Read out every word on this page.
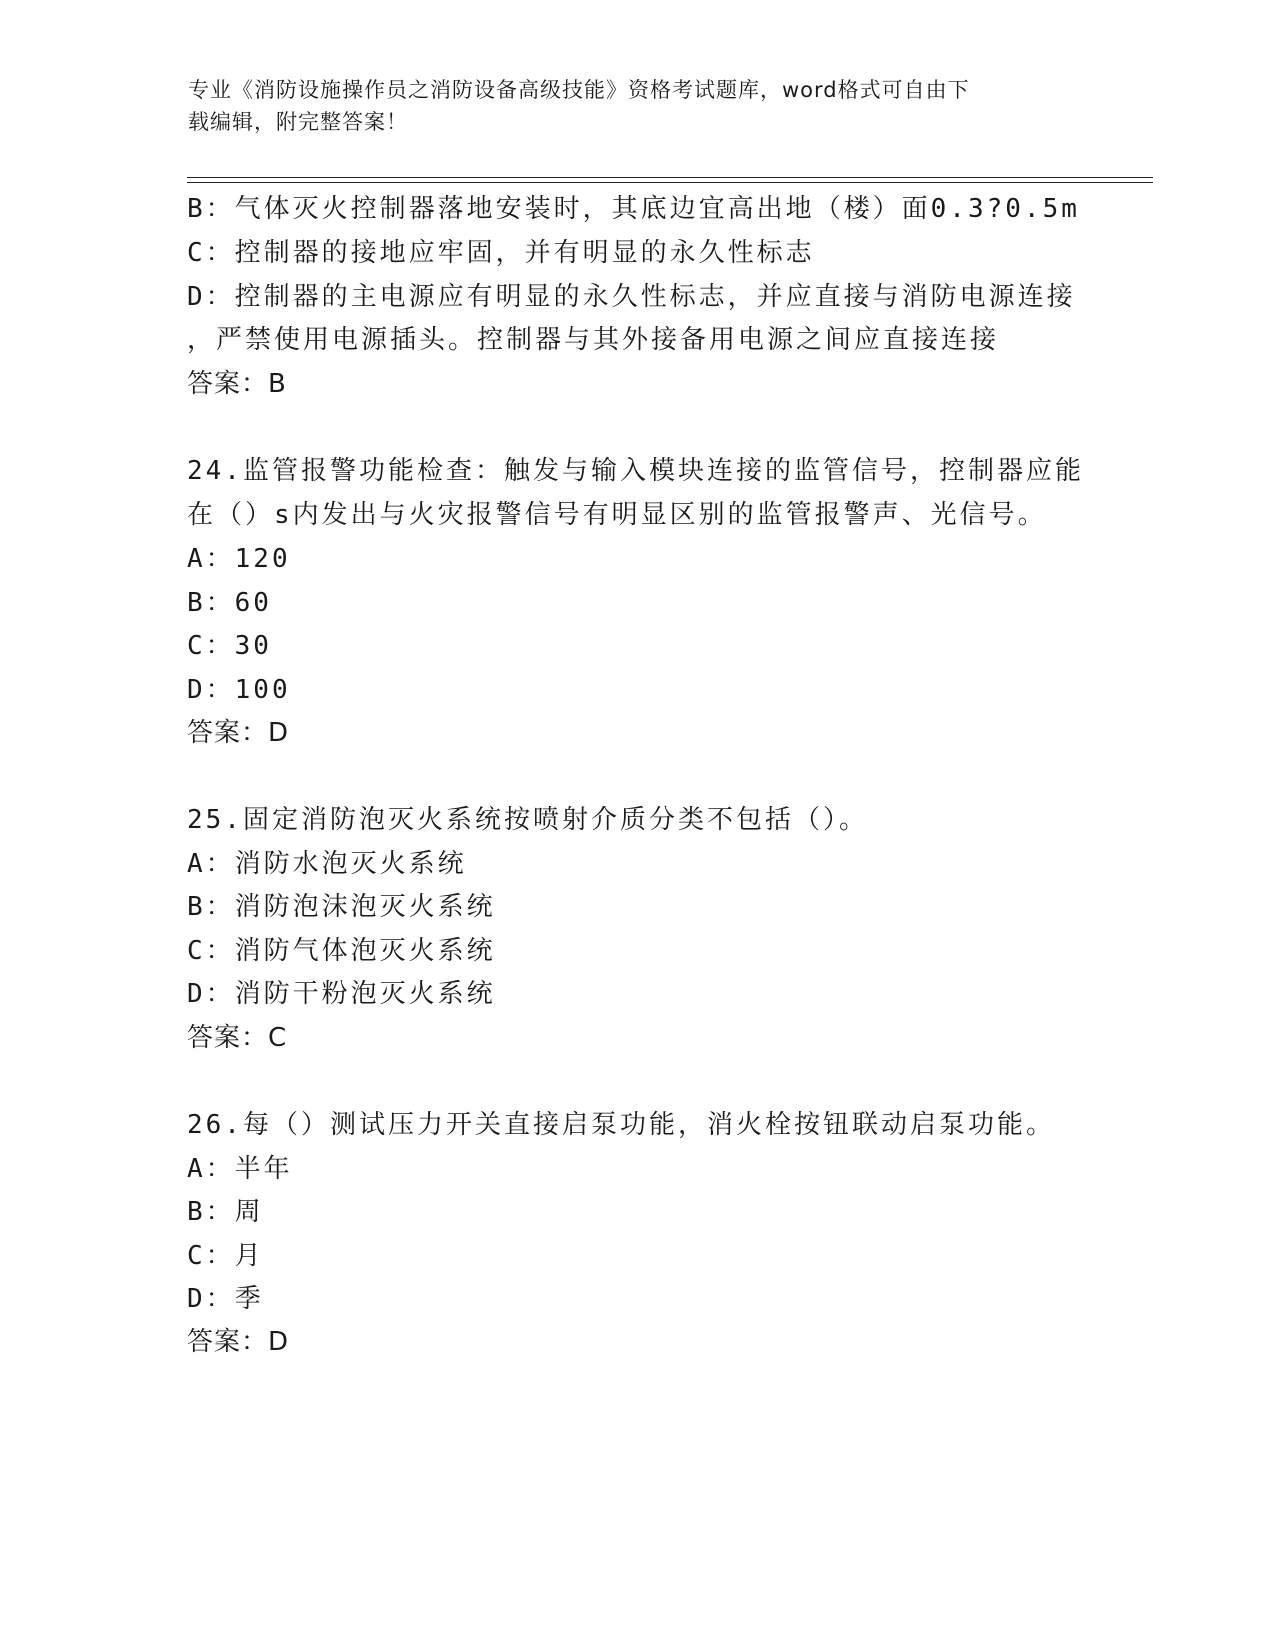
专业《消防设施操作员之消防设备高级技能》资格考试题库，word格式可自由下
载编辑，附完整答案！
B：气体灭火控制器落地安装时，其底边宜高出地（楼）面0.3?0.5m
C：控制器的接地应牢固，并有明显的永久性标志
D：控制器的主电源应有明显的永久性标志，并应直接与消防电源连接
，严禁使用电源插头。控制器与其外接备用电源之间应直接连接
答案：B
24.监管报警功能检查：触发与输入模块连接的监管信号，控制器应能
在（）s内发出与火灾报警信号有明显区别的监管报警声、光信号。
A：120
B：60
C：30
D：100
答案：D
25.固定消防泡灭火系统按喷射介质分类不包括（）。
A：消防水泡灭火系统
B：消防泡沫泡灭火系统
C：消防气体泡灭火系统
D：消防干粉泡灭火系统
答案：C
26.每（）测试压力开关直接启泵功能，消火栓按钮联动启泵功能。
A：半年
B：周
C：月
D：季
答案：D
